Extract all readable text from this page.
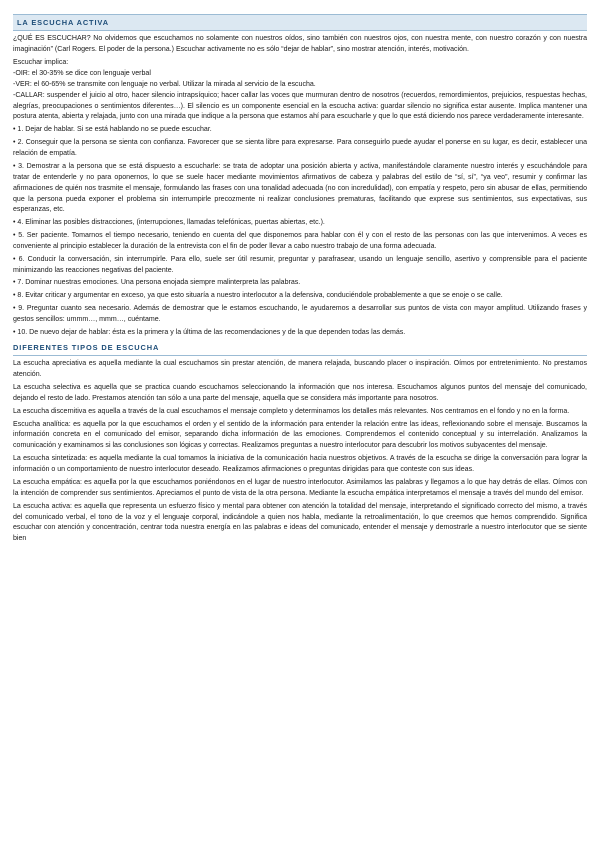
LA ESCUCHA ACTIVA

¿QUÉ ES ESCUCHAR? No olvidemos que escuchamos no solamente con nuestros oídos, sino también con nuestros ojos, con nuestra mente, con nuestro corazón y con nuestra imaginación” (Carl Rogers. El poder de la persona.) Escuchar activamente no es sólo “dejar de hablar”, sino mostrar atención, interés, motivación.

Escuchar implica:

-OIR: el 30-35% se dice con lenguaje verbal

-VER: el 60-65% se transmite con lenguaje no verbal. Utilizar la mirada al servicio de la escucha.

-CALLAR: suspender el juicio al otro, hacer silencio intrapsíquico; hacer callar las voces que murmuran dentro de nosotros (recuerdos, remordimientos, prejuicios, respuestas hechas, alegrías, preocupaciones o sentimientos diferentes…). El silencio es un componente esencial en la escucha activa: guardar silencio no significa estar ausente. Implica mantener una postura atenta, abierta y relajada, junto con una mirada que indique a la persona que estamos ahí para escucharle y que lo que está diciendo nos parece verdaderamente interesante.

• 1. Dejar de hablar. Si se está hablando no se puede escuchar.

• 2. Conseguir que la persona se sienta con confianza. Favorecer que se sienta libre para expresarse. Para conseguirlo puede ayudar el ponerse en su lugar, es decir, establecer una relación de empatía.

• 3. Demostrar a la persona que se está dispuesto a escucharle: se trata de adoptar una posición abierta y activa, manifestándole claramente nuestro interés y escuchándole para tratar de entenderle y no para oponernos, lo que se suele hacer mediante movimientos afirmativos de cabeza y palabras del estilo de “sí, sí”, “ya veo”, resumir y confirmar las afirmaciones de quién nos trasmite el mensaje, formulando las frases con una tonalidad adecuada (no con incredulidad), con empatía y respeto, pero sin abusar de ellas, permitiendo que la persona pueda exponer el problema sin interrumpirle precozmente ni realizar conclusiones prematuras, facilitando que exprese sus sentimientos, sus expectativas, sus esperanzas, etc.

• 4. Eliminar las posibles distracciones, (interrupciones, llamadas telefónicas, puertas abiertas, etc.).

• 5. Ser paciente. Tomarnos el tiempo necesario, teniendo en cuenta del que disponemos para hablar con él y con el resto de las personas con las que intervenimos. A veces es conveniente al principio establecer la duración de la entrevista con el fin de poder llevar a cabo nuestro trabajo de una forma adecuada.

• 6. Conducir la conversación, sin interrumpirle. Para ello, suele ser útil resumir, preguntar y parafrasear, usando un lenguaje sencillo, asertivo y comprensible para el paciente minimizando las reacciones negativas del paciente.

• 7. Dominar nuestras emociones. Una persona enojada siempre malinterpreta las palabras.

• 8. Evitar criticar y argumentar en exceso, ya que esto situaría a nuestro interlocutor a la defensiva, conduciéndole probablemente a que se enoje o se calle.

• 9. Preguntar cuanto sea necesario. Además de demostrar que le estamos escuchando, le ayudaremos a desarrollar sus puntos de vista con mayor amplitud. Utilizando frases y gestos sencillos: ummm…, mmm…, cuéntame.

• 10. De nuevo dejar de hablar: ésta es la primera y la última de las recomendaciones y de la que dependen todas las demás.

DIFERENTES TIPOS DE ESCUCHA

La escucha apreciativa es aquella mediante la cual escuchamos sin prestar atención, de manera relajada, buscando placer o inspiración. Oímos por entretenimiento. No prestamos atención.

La escucha selectiva es aquella que se practica cuando escuchamos seleccionando la información que nos interesa. Escuchamos algunos puntos del mensaje del comunicado, dejando el resto de lado. Prestamos atención tan sólo a una parte del mensaje, aquella que se considera más importante para nosotros.

La escucha discernitiva es aquella a través de la cual escuchamos el mensaje completo y determinamos los detalles más relevantes. Nos centramos en el fondo y no en la forma.

Escucha analítica: es aquella por la que escuchamos el orden y el sentido de la información para entender la relación entre las ideas, reflexionando sobre el mensaje. Buscamos la información concreta en el comunicado del emisor, separando dicha información de las emociones. Comprendemos el contenido conceptual y su interrelación. Analizamos la comunicación y examinamos si las conclusiones son lógicas y correctas. Realizamos preguntas a nuestro interlocutor para descubrir los motivos subyacentes del mensaje.

La escucha sintetizada: es aquella mediante la cual tomamos la iniciativa de la comunicación hacia nuestros objetivos. A través de la escucha se dirige la conversación para lograr la información o un comportamiento de nuestro interlocutor deseado. Realizamos afirmaciones o preguntas dirigidas para que conteste con sus ideas.

La escucha empática: es aquella por la que escuchamos poniéndonos en el lugar de nuestro interlocutor. Asimilamos las palabras y llegamos a lo que hay detrás de ellas. Oímos con la intención de comprender sus sentimientos. Apreciamos el punto de vista de la otra persona. Mediante la escucha empática interpretamos el mensaje a través del mundo del emisor.

La escucha activa: es aquella que representa un esfuerzo físico y mental para obtener con atención la totalidad del mensaje, interpretando el significado correcto del mismo, a través del comunicado verbal, el tono de la voz y el lenguaje corporal, indicándole a quien nos habla, mediante la retroalimentación, lo que creemos que hemos comprendido. Significa escuchar con atención y concentración, centrar toda nuestra energía en las palabras e ideas del comunicado, entender el mensaje y demostrarle a nuestro interlocutor que se siente bien
